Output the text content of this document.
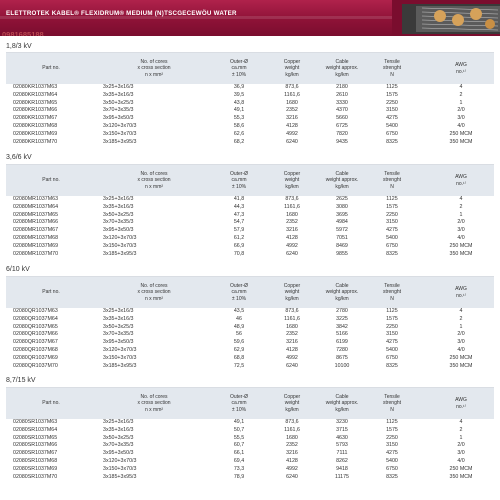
ELETTROTEK KABEL® FLEXIDRUM® MEDIUM (N)TSCGECEWÖU WATER
0981685188
1,8/3 kV
Part no.
No. of cores
x cross section
n x mm²
Outer-Ø
ca.mm
± 10%
Copper
weight
kg/km
Cable
weight approx.
kg/km
Tensile
strenght
N
AWG
no.¹⁾
02080KR1037M63	3x25+3x16/3	36,9	873,6	2180	1125	4
02080KR1037M64	3x35+3x16/3	39,5	1161,6	2610	1575	2
02080KR1037M65	3x50+3x25/3	43,8	1680	3330	2250	1
02080KR1037M66	3x70+3x35/3	49,1	2352	4370	3150	2/0
02080KR1037M67	3x95+3x50/3	55,3	3216	5660	4275	3/0
02080KR1037M68	3x120+3x70/3	58,6	4128	6725	5400	4/0
02080KR1037M69	3x150+3x70/3	62,6	4992	7820	6750	250 MCM
02080KR1037M70	3x185+3x95/3	68,2	6240	9435	8325	350 MCM
3,6/6 kV
Part no.
No. of cores
x cross section
n x mm²
Outer-Ø
ca.mm
± 10%
Copper
weight
kg/km
Cable
weight approx.
kg/km
Tensile
strenght
N
AWG
no.¹⁾
02080MR1037M63	3x25+3x16/3	41,8	873,6	2625	1125	4
02080MR1037M64	3x35+3x16/3	44,3	1161,6	3080	1575	2
02080MR1037M65	3x50+3x25/3	47,3	1680	3695	2250	1
02080MR1037M66	3x70+3x35/3	54,7	2352	4984	3150	2/0
02080MR1037M67	3x95+3x50/3	57,9	3216	5972	4275	3/0
02080MR1037M68	3x120+3x70/3	61,2	4128	7051	5400	4/0
02080MR1037M69	3x150+3x70/3	66,9	4992	8469	6750	250 MCM
02080MR1037M70	3x185+3x95/3	70,8	6240	9855	8325	350 MCM
6/10 kV
Part no.
No. of cores
x cross section
n x mm²
Outer-Ø
ca.mm
± 10%
Copper
weight
kg/km
Cable
weight approx.
kg/km
Tensile
strenght
N
AWG
no.¹⁾
02080QR1037M63	3x25+3x16/3	43,5	873,6	2780	1125	4
02080QR1037M64	3x35+3x16/3	46	1161,6	3225	1575	2
02080QR1037M65	3x50+3x25/3	48,9	1680	3842	2250	1
02080QR1037M66	3x70+3x35/3	56	2352	5166	3150	2/0
02080QR1037M67	3x95+3x50/3	59,6	3216	6199	4275	3/0
02080QR1037M68	3x120+3x70/3	62,9	4128	7280	5400	4/0
02080QR1037M69	3x150+3x70/3	68,8	4992	8675	6750	250 MCM
02080QR1037M70	3x185+3x95/3	72,5	6240	10100	8325	350 MCM
8,7/15 kV
Part no.
No. of cores
x cross section
n x mm²
Outer-Ø
ca.mm
± 10%
Copper
weight
kg/km
Cable
weight approx.
kg/km
Tensile
strenght
N
AWG
no.¹⁾
02080SR1037M63	3x25+3x16/3	49,1	873,6	3230	1125	4
02080SR1037M64	3x35+3x16/3	50,7	1161,6	3715	1575	2
02080SR1037M65	3x50+3x25/3	55,5	1680	4630	2250	1
02080SR1037M66	3x70+3x35/3	60,7	2352	5793	3150	2/0
02080SR1037M67	3x95+3x50/3	66,1	3216	7111	4275	3/0
02080SR1037M68	3x120+3x70/3	69,4	4128	8262	5400	4/0
02080SR1037M69	3x150+3x70/3	73,3	4992	9418	6750	250 MCM
02080SR1037M70	3x185+3x95/3	78,9	6240	11175	8325	350 MCM
